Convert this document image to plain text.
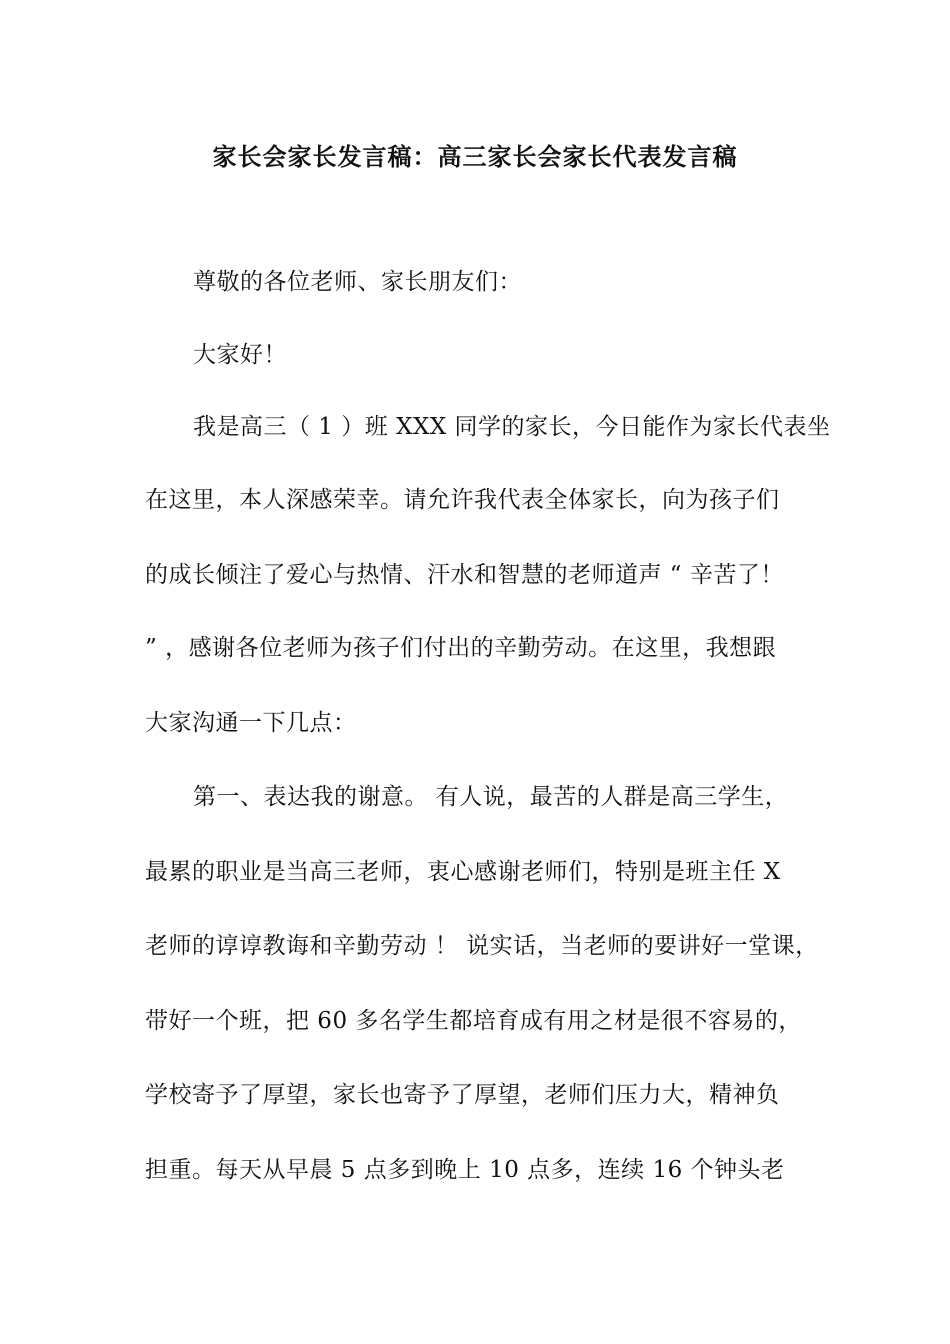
家长会家长发言稿：高三家长会家长代表发言稿
尊敬的各位老师、家长朋友们：
大家好！
我是高三（ 1 ）班 XXX 同学的家长，今日能作为家长代表坐
在这里，本人深感荣幸。请允许我代表全体家长，向为孩子们
的成长倾注了爱心与热情、汗水和智慧的老师道声 “ 辛苦了！
” ，感谢各位老师为孩子们付出的辛勤劳动。在这里，我想跟
大家沟通一下几点：
第一、表达我的谢意。 有人说，最苦的人群是高三学生，
最累的职业是当高三老师，衷心感谢老师们，特别是班主任 X
老师的谆谆教诲和辛勤劳动 ！ 说实话，当老师的要讲好一堂课，
带好一个班，把 60 多名学生都培育成有用之材是很不容易的，
学校寄予了厚望，家长也寄予了厚望，老师们压力大，精神负
担重。每天从早晨 5 点多到晚上 10 点多，连续 16 个钟头老
